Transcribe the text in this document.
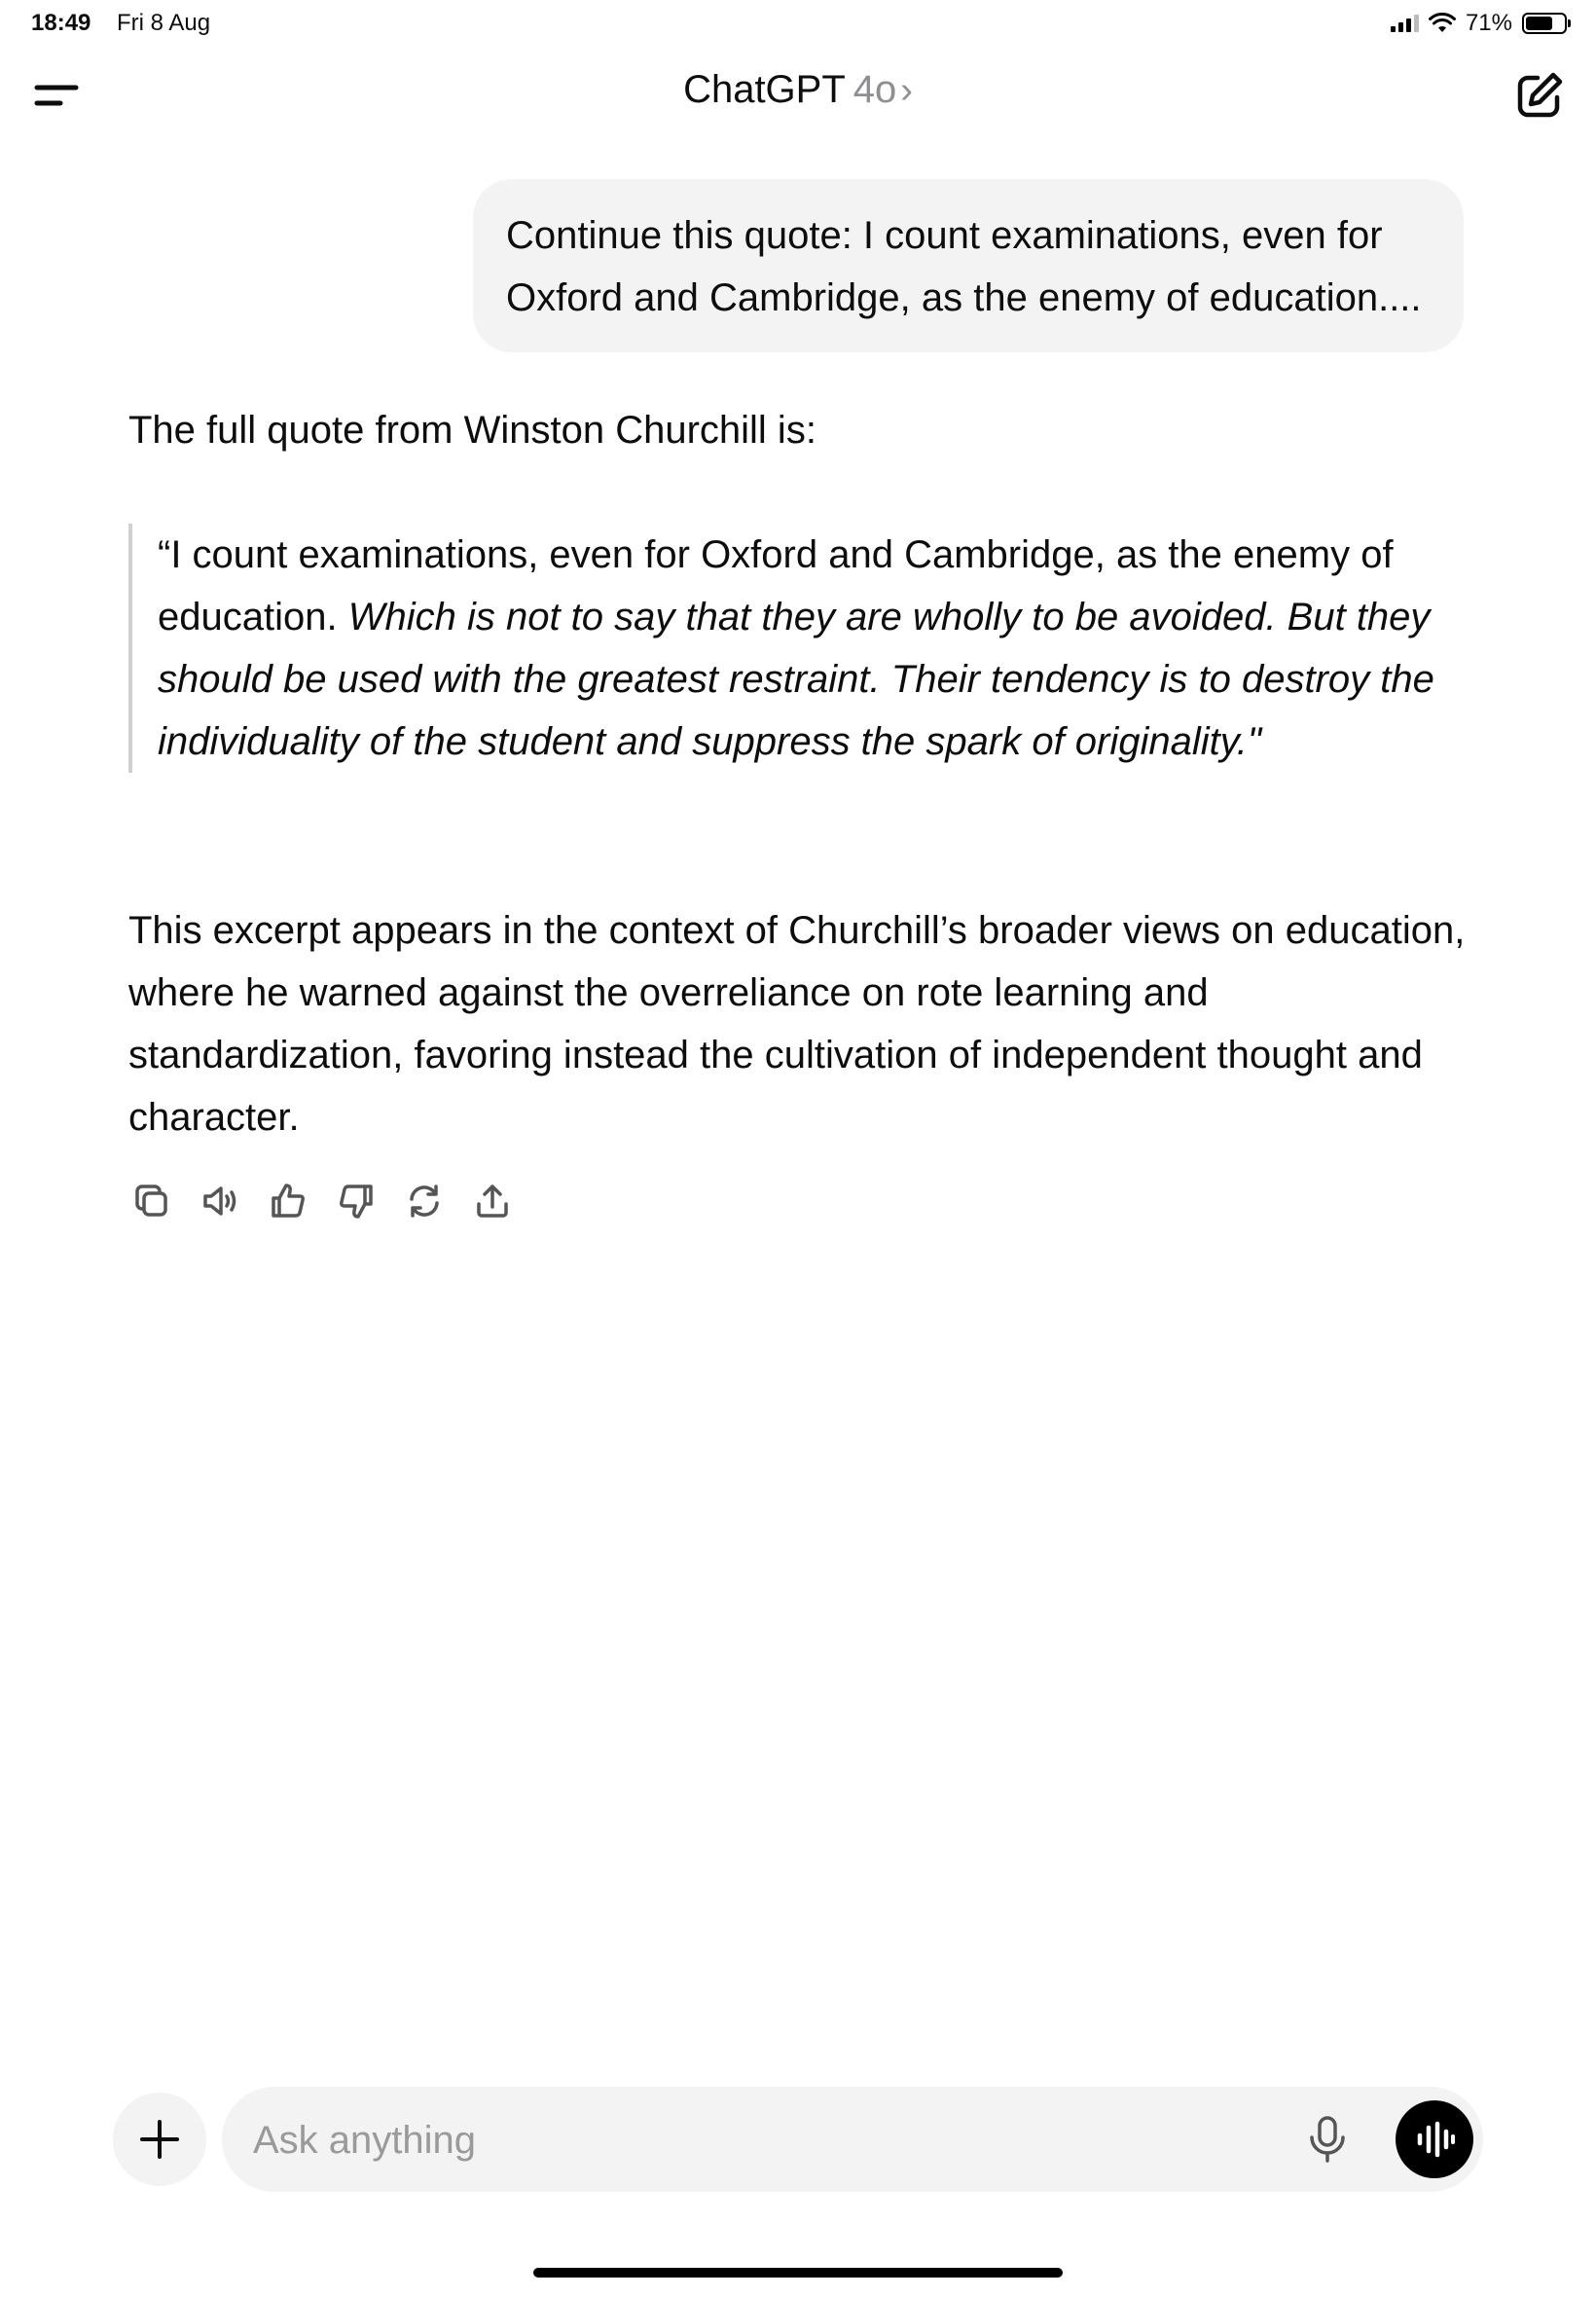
18:49 Fri 8 Aug	71%
ChatGPT 4o ›
Continue this quote: I count examinations, even for Oxford and Cambridge, as the enemy of education....

The full quote from Winston Churchill is:

“I count examinations, even for Oxford and Cambridge, as the enemy of education. Which is not to say that they are wholly to be avoided. But they should be used with the greatest restraint. Their tendency is to destroy the individuality of the student and suppress the spark of originality."

This excerpt appears in the context of Churchill’s broader views on education, where he warned against the overreliance on rote learning and standardization, favoring instead the cultivation of independent thought and character.

Ask anything
